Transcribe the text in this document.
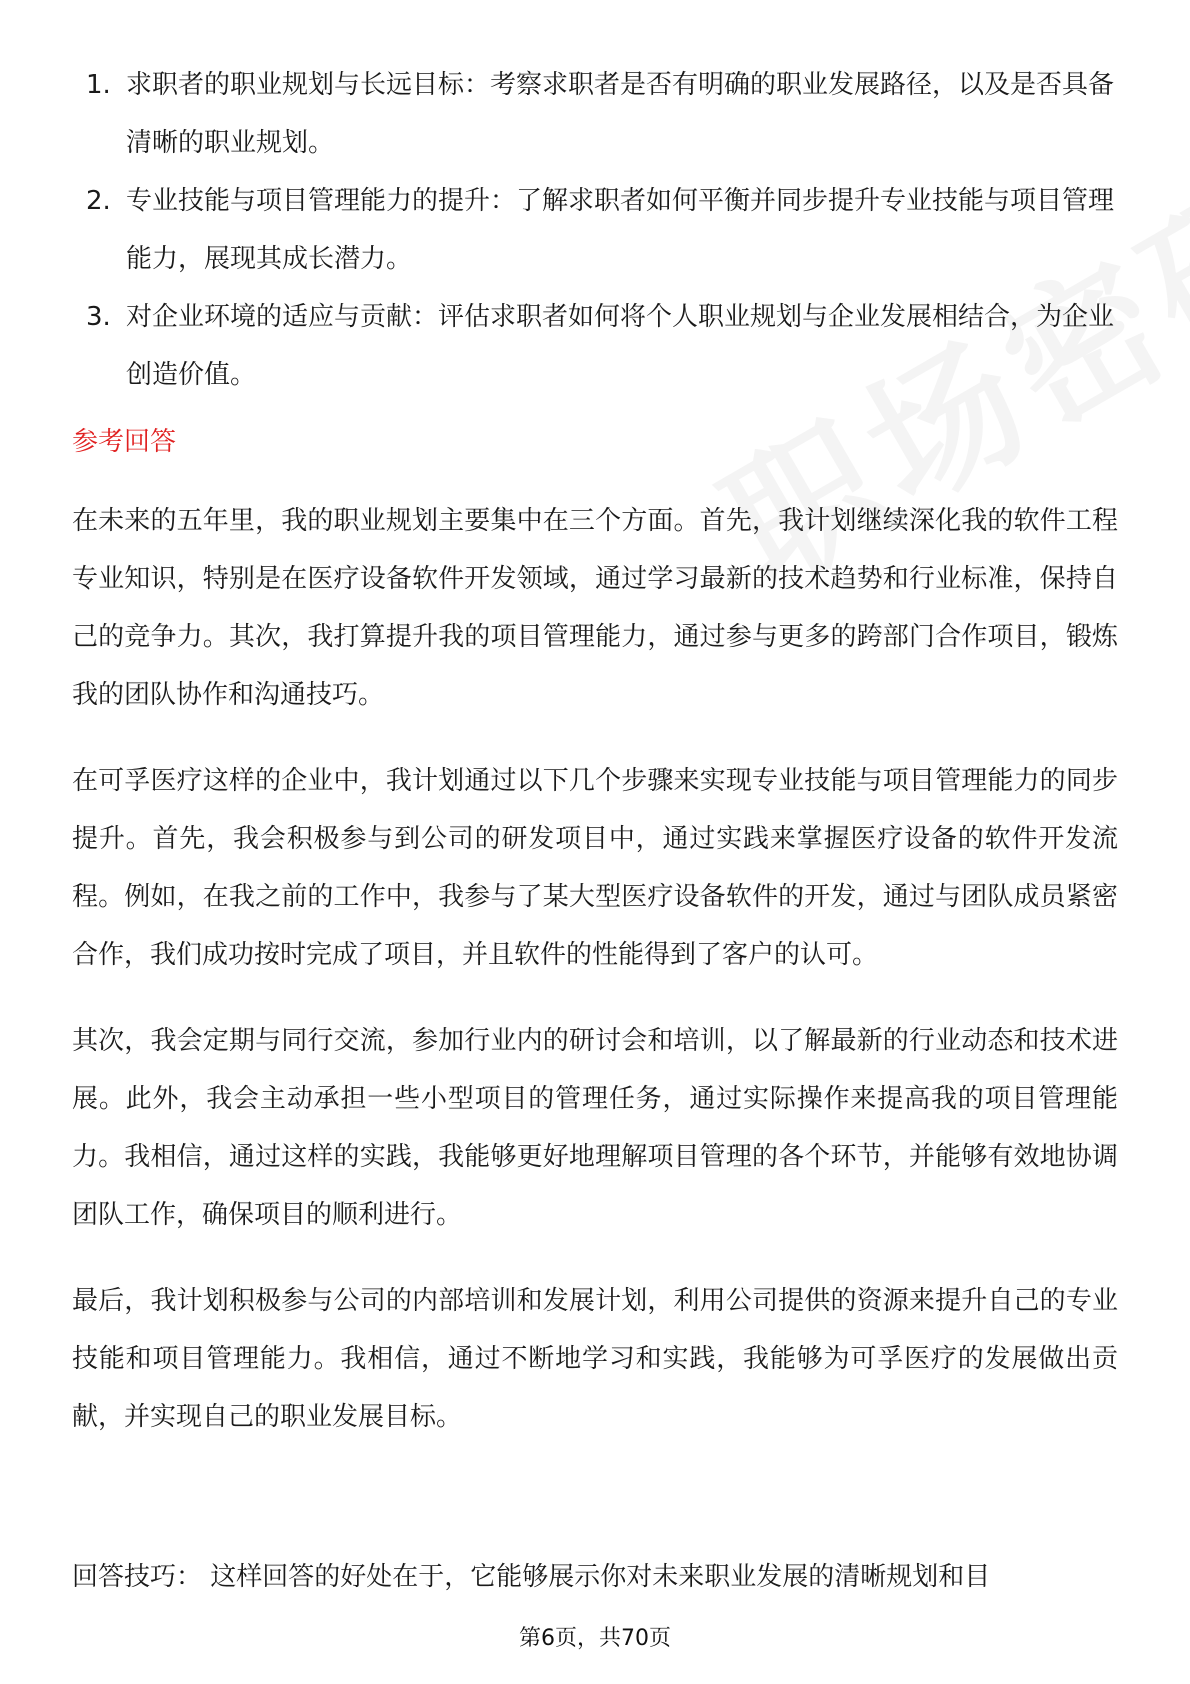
1. 求职者的职业规划与长远目标：考察求职者是否有明确的职业发展路径，以及是否具备清晰的职业规划。
2. 专业技能与项目管理能力的提升：了解求职者如何平衡并同步提升专业技能与项目管理能力，展现其成长潜力。
3. 对企业环境的适应与贡献：评估求职者如何将个人职业规划与企业发展相结合，为企业创造价值。
参考回答

在未来的五年里，我的职业规划主要集中在三个方面。首先，我计划继续深化我的软件工程专业知识，特别是在医疗设备软件开发领域，通过学习最新的技术趋势和行业标准，保持自己的竞争力。其次，我打算提升我的项目管理能力，通过参与更多的跨部门合作项目，锻炼我的团队协作和沟通技巧。

在可孚医疗这样的企业中，我计划通过以下几个步骤来实现专业技能与项目管理能力的同步提升。首先，我会积极参与到公司的研发项目中，通过实践来掌握医疗设备的软件开发流程。例如，在我之前的工作中，我参与了某大型医疗设备软件的开发，通过与团队成员紧密合作，我们成功按时完成了项目，并且软件的性能得到了客户的认可。

其次，我会定期与同行交流，参加行业内的研讨会和培训，以了解最新的行业动态和技术进展。此外，我会主动承担一些小型项目的管理任务，通过实际操作来提高我的项目管理能力。我相信，通过这样的实践，我能够更好地理解项目管理的各个环节，并能够有效地协调团队工作，确保项目的顺利进行。

最后，我计划积极参与公司的内部培训和发展计划，利用公司提供的资源来提升自己的专业技能和项目管理能力。我相信，通过不断地学习和实践，我能够为可孚医疗的发展做出贡献，并实现自己的职业发展目标。

回答技巧： 这样回答的好处在于，它能够展示你对未来职业发展的清晰规划和目

第6页，共70页
